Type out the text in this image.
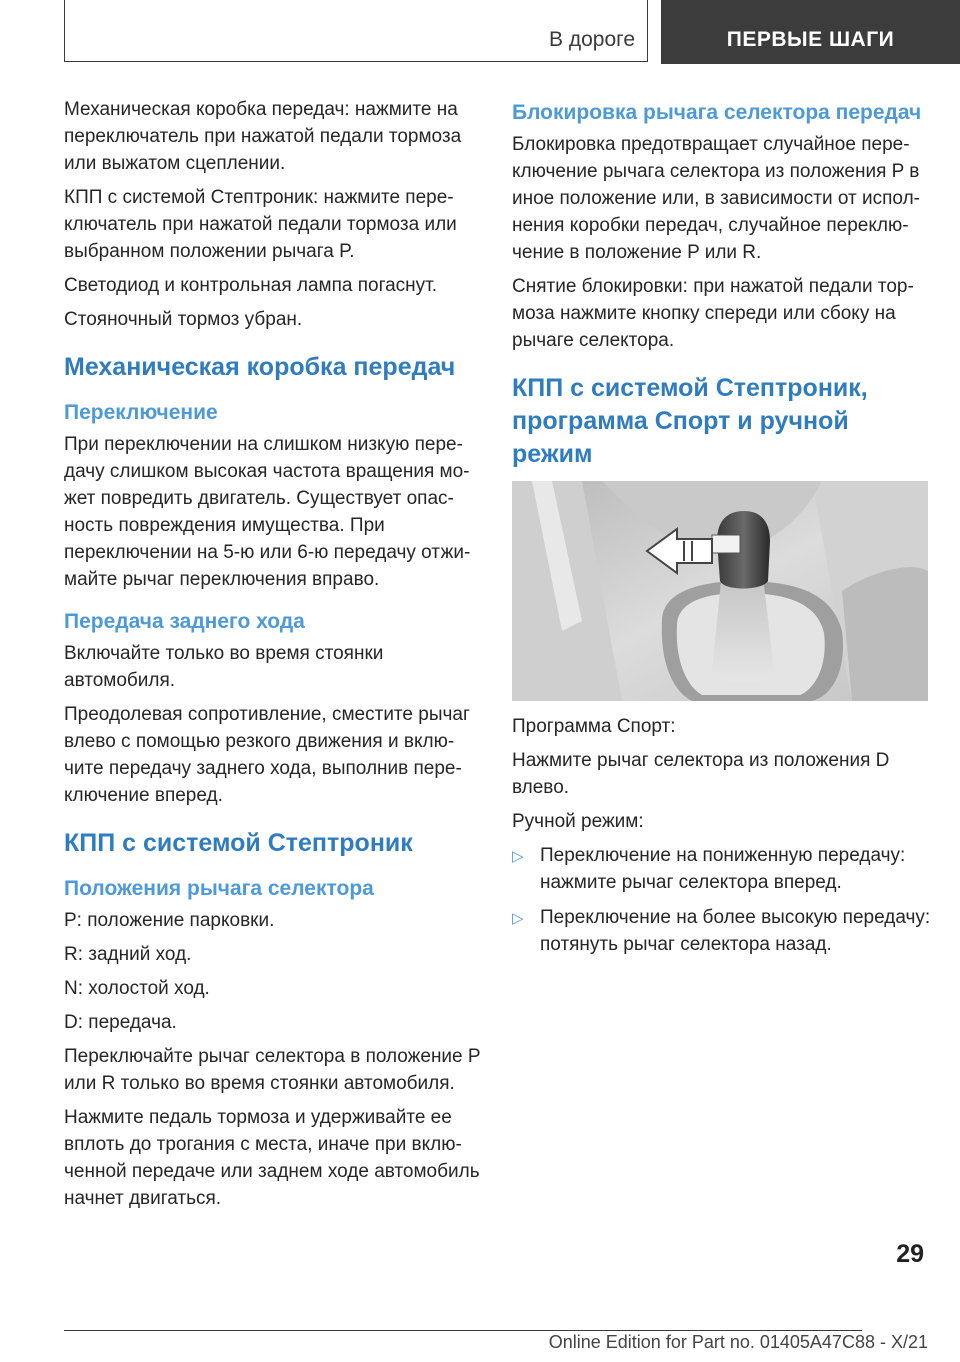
В дороге	ПЕРВЫЕ ШАГИ

Механическая коробка передач: нажмите на переключатель при нажатой педали тормоза или выжатом сцеплении.

КПП с системой Стептроник: нажмите переключатель при нажатой педали тормоза или выбранном положении рычага P.

Светодиод и контрольная лампа погаснут.

Стояночный тормоз убран.

Механическая коробка передач
Переключение

При переключении на слишком низкую передачу слишком высокая частота вращения может повредить двигатель. Существует опасность повреждения имущества. При переключении на 5-ю или 6-ю передачу отжимайте рычаг переключения вправо.

Передача заднего хода

Включайте только во время стоянки автомобиля.

Преодолевая сопротивление, сместите рычаг влево с помощью резкого движения и включите передачу заднего хода, выполнив переключение вперед.

КПП с системой Стептроник
Положения рычага селектора

P: положение парковки.

R: задний ход.

N: холостой ход.

D: передача.

Переключайте рычаг селектора в положение P или R только во время стоянки автомобиля.

Нажмите педаль тормоза и удерживайте ее вплоть до трогания с места, иначе при включенной передаче или заднем ходе автомобиль начнет двигаться.

Блокировка рычага селектора передач

Блокировка предотвращает случайное переключение рычага селектора из положения P в иное положение или, в зависимости от исполнения коробки передач, случайное переключение в положение P или R.

Снятие блокировки: при нажатой педали тормоза нажмите кнопку спереди или сбоку на рычаге селектора.

КПП с системой Стептроник, программа Спорт и ручной режим

Программа Спорт:

Нажмите рычаг селектора из положения D влево.

Ручной режим:

▷ Переключение на пониженную передачу: нажмите рычаг селектора вперед.
▷ Переключение на более высокую передачу: потянуть рычаг селектора назад.
29
Online Edition for Part no. 01405A47C88 - X/21
